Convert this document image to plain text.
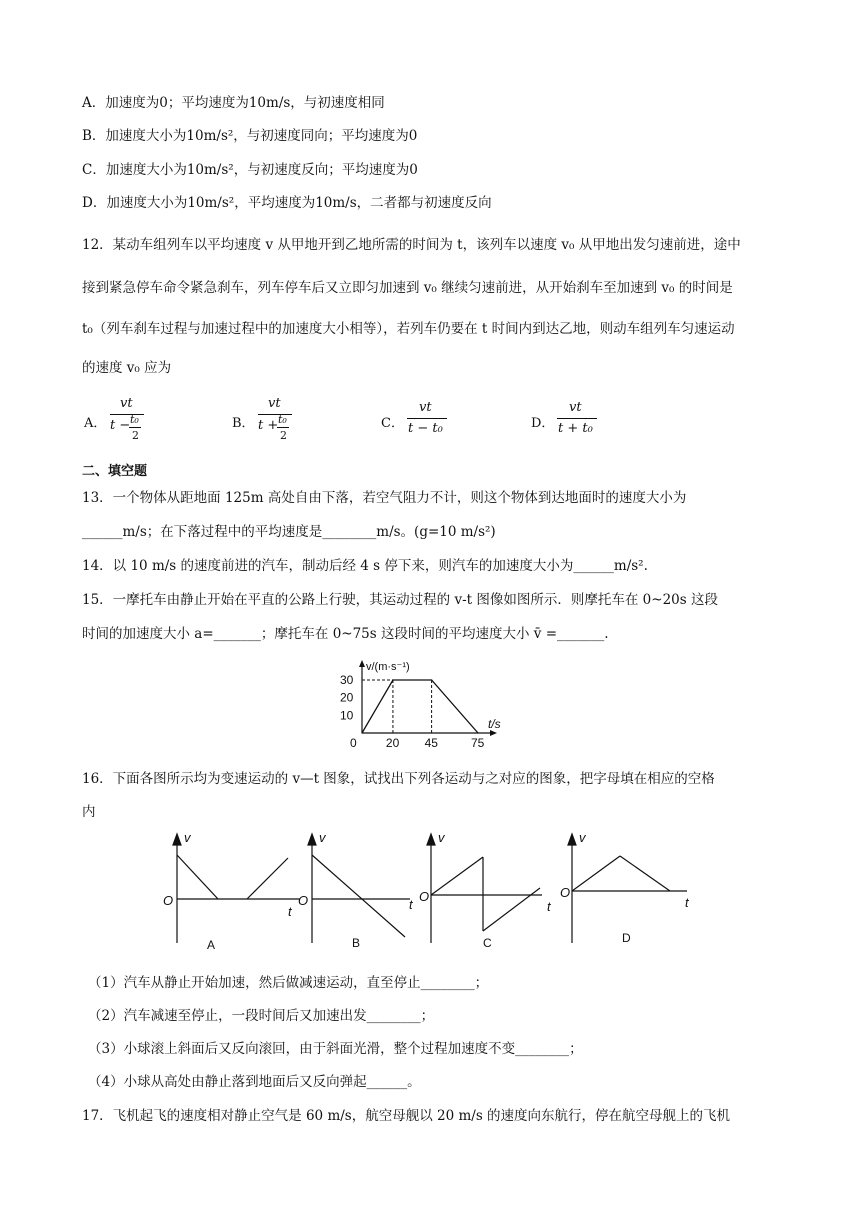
A．加速度为0；平均速度为10m/s，与初速度相同
B．加速度大小为10m/s²，与初速度同向；平均速度为0
C．加速度大小为10m/s²，与初速度反向；平均速度为0
D．加速度大小为10m/s²，平均速度为10m/s，二者都与初速度反向
12．某动车组列车以平均速度 v 从甲地开到乙地所需的时间为 t，该列车以速度 v₀ 从甲地出发匀速前进，途中
接到紧急停车命令紧急刹车，列车停车后又立即匀加速到 v₀ 继续匀速前进，从开始刹车至加速到 v₀ 的时间是
t₀（列车刹车过程与加速过程中的加速度大小相等），若列车仍要在 t 时间内到达乙地，则动车组列车匀速运动
的速度 v₀ 应为
A．
vt
t − t₀
2
B．
vt
t + t₀
2
C．
vt
t − t₀	D．
vt
t + t₀
二、填空题
13．一个物体从距地面 125m 高处自由下落，若空气阻力不计，则这个物体到达地面时的速度大小为
______m/s；在下落过程中的平均速度是________m/s。(g=10 m/s²)
14．以 10 m/s 的速度前进的汽车，制动后经 4 s 停下来，则汽车的加速度大小为______m/s².
15．一摩托车由静止开始在平直的公路上行驶，其运动过程的 v-t 图像如图所示．则摩托车在 0~20s 这段
时间的加速度大小 a=_______；摩托车在 0~75s 这段时间的平均速度大小 v̄ =_______.
0 20 45	75
10
20
30
t/s
v/(m·s⁻¹)
16．下面各图所示均为变速运动的 v—t 图象，试找出下列各运动与之对应的图象，把字母填在相应的空格
内
v
O
t
v
O	t
v
O
t
v
O
t
A	B	C	D
（1）汽车从静止开始加速，然后做减速运动，直至停止________；
（2）汽车减速至停止，一段时间后又加速出发________；
（3）小球滚上斜面后又反向滚回，由于斜面光滑，整个过程加速度不变________；
（4）小球从高处由静止落到地面后又反向弹起______。
17．飞机起飞的速度相对静止空气是 60 m/s，航空母舰以 20 m/s 的速度向东航行，停在航空母舰上的飞机
